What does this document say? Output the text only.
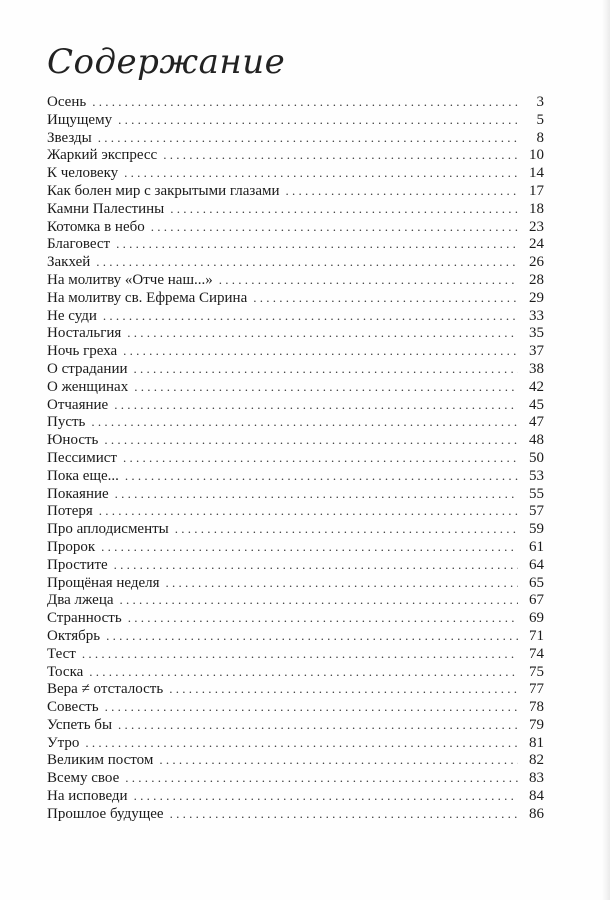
Содержание
Осень . . .	3
Ищущему . . .	5
Звезды . . .	8
Жаркий экспресс . . .	10
К человеку . . .	14
Как болен мир с закрытыми глазами . . .	17
Камни Палестины . . .	18
Котомка в небо . . .	23
Благовест . . .	24
Закхей . . .	26
На молитву «Отче наш...» . . .	28
На молитву св. Ефрема Сирина . . .	29
Не суди . . .	33
Ностальгия . . .	35
Ночь греха . . .	37
О страдании . . .	38
О женщинах . . .	42
Отчаяние . . .	45
Пусть . . .	47
Юность . . .	48
Пессимист . . .	50
Пока еще... . . .	53
Покаяние . . .	55
Потеря . . .	57
Про аплодисменты . . .	59
Пророк . . .	61
Простите . . .	64
Прощёная неделя . . .	65
Два лжеца . . .	67
Странность . . .	69
Октябрь . . .	71
Тест . . .	74
Тоска . . .	75
Вера ≠ отсталость . . .	77
Совесть . . .	78
Успеть бы . . .	79
Утро . . .	81
Великим постом . . .	82
Всему свое . . .	83
На исповеди . . .	84
Прошлое будущее . . .	86
